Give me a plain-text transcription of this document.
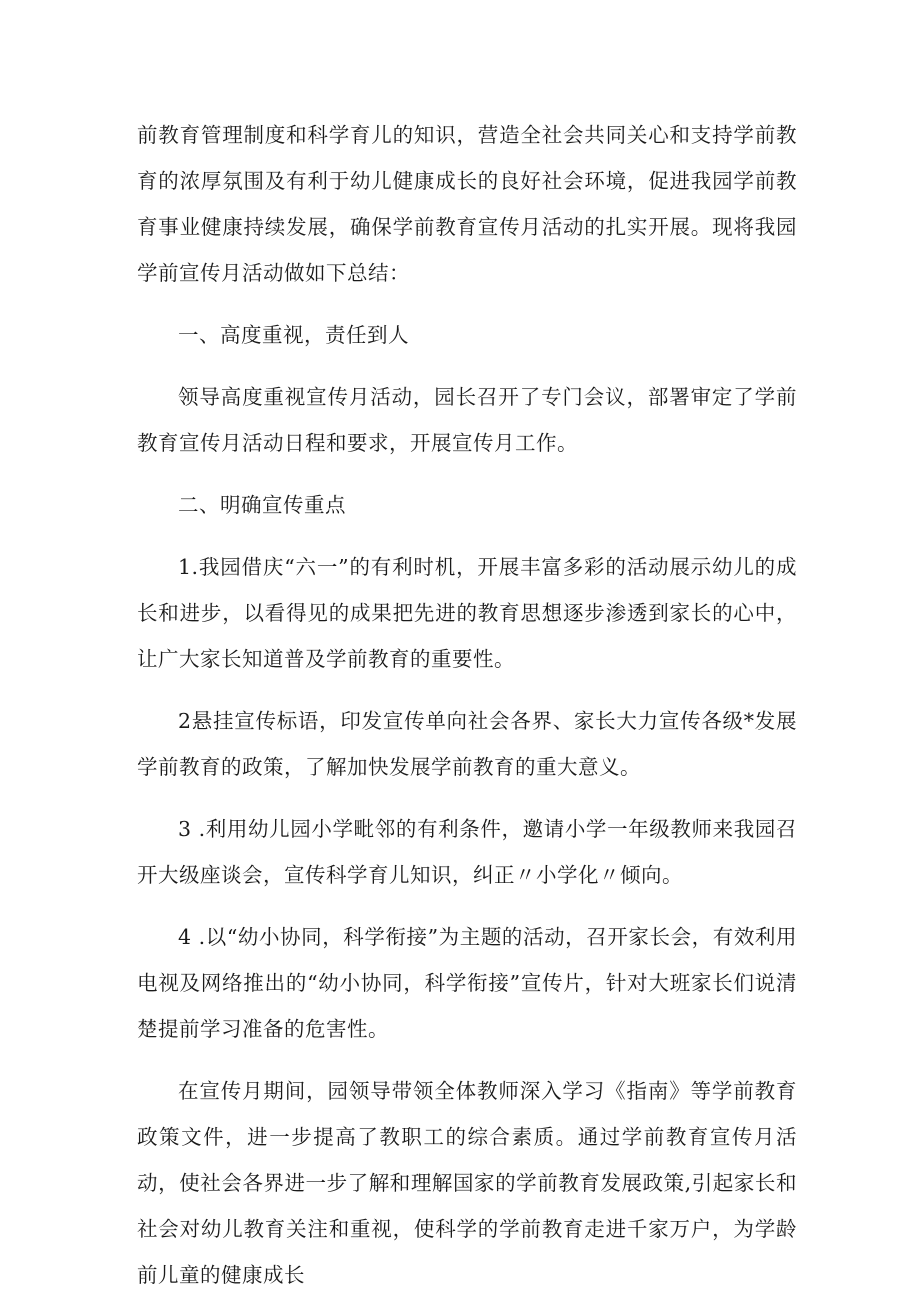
前教育管理制度和科学育儿的知识，营造全社会共同关心和支持学前教育的浓厚氛围及有利于幼儿健康成长的良好社会环境，促进我园学前教育事业健康持续发展，确保学前教育宣传月活动的扎实开展。现将我园学前宣传月活动做如下总结：

一、高度重视，责任到人

领导高度重视宣传月活动，园长召开了专门会议，部署审定了学前教育宣传月活动日程和要求，开展宣传月工作。

二、明确宣传重点

1.我园借庆“六一”的有利时机，开展丰富多彩的活动展示幼儿的成长和进步，以看得见的成果把先进的教育思想逐步渗透到家长的心中，让广大家长知道普及学前教育的重要性。

2悬挂宣传标语，印发宣传单向社会各界、家长大力宣传各级*发展学前教育的政策，了解加快发展学前教育的重大意义。

3 .利用幼儿园小学毗邻的有利条件，邀请小学一年级教师来我园召开大级座谈会，宣传科学育儿知识，纠正〃小学化〃倾向。

4 .以“幼小协同，科学衔接”为主题的活动，召开家长会，有效利用电视及网络推出的“幼小协同，科学衔接”宣传片，针对大班家长们说清楚提前学习准备的危害性。

在宣传月期间，园领导带领全体教师深入学习《指南》等学前教育政策文件，进一步提高了教职工的综合素质。通过学前教育宣传月活动，使社会各界进一步了解和理解国家的学前教育发展政策,引起家长和社会对幼儿教育关注和重视，使科学的学前教育走进千家万户，为学龄前儿童的健康成长
